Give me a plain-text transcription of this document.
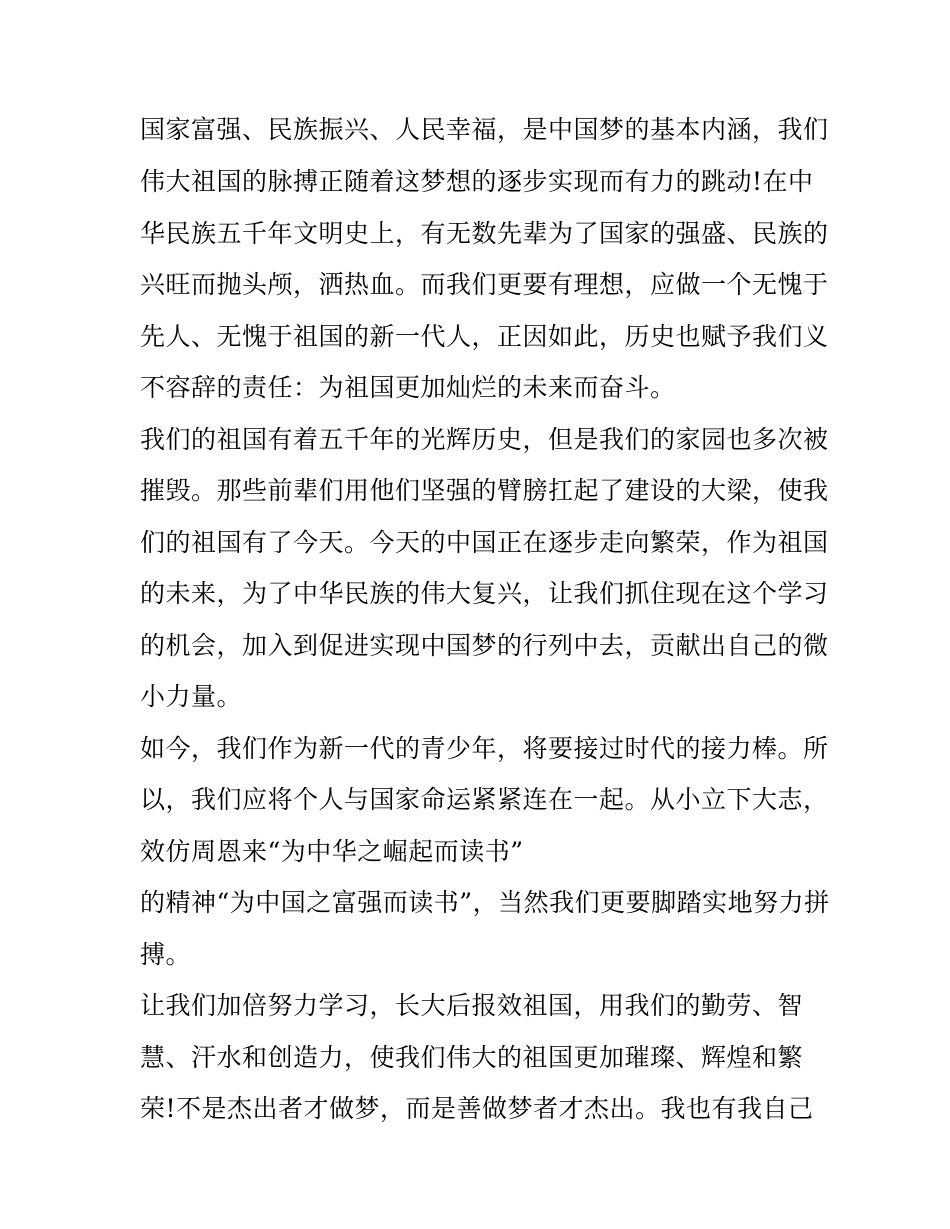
国家富强、民族振兴、人民幸福，是中国梦的基本内涵，我们
伟大祖国的脉搏正随着这梦想的逐步实现而有力的跳动!在中
华民族五千年文明史上，有无数先辈为了国家的强盛、民族的
兴旺而抛头颅，洒热血。而我们更要有理想，应做一个无愧于
先人、无愧于祖国的新一代人，正因如此，历史也赋予我们义
不容辞的责任：为祖国更加灿烂的未来而奋斗。
我们的祖国有着五千年的光辉历史，但是我们的家园也多次被
摧毁。那些前辈们用他们坚强的臂膀扛起了建设的大梁，使我
们的祖国有了今天。今天的中国正在逐步走向繁荣，作为祖国
的未来，为了中华民族的伟大复兴，让我们抓住现在这个学习
的机会，加入到促进实现中国梦的行列中去，贡献出自己的微
小力量。
如今，我们作为新一代的青少年，将要接过时代的接力棒。所
以，我们应将个人与国家命运紧紧连在一起。从小立下大志，
效仿周恩来“为中华之崛起而读书”
的精神“为中国之富强而读书”，当然我们更要脚踏实地努力拼
搏。
让我们加倍努力学习，长大后报效祖国，用我们的勤劳、智
慧、汗水和创造力，使我们伟大的祖国更加璀璨、辉煌和繁
荣!不是杰出者才做梦，而是善做梦者才杰出。我也有我自己
